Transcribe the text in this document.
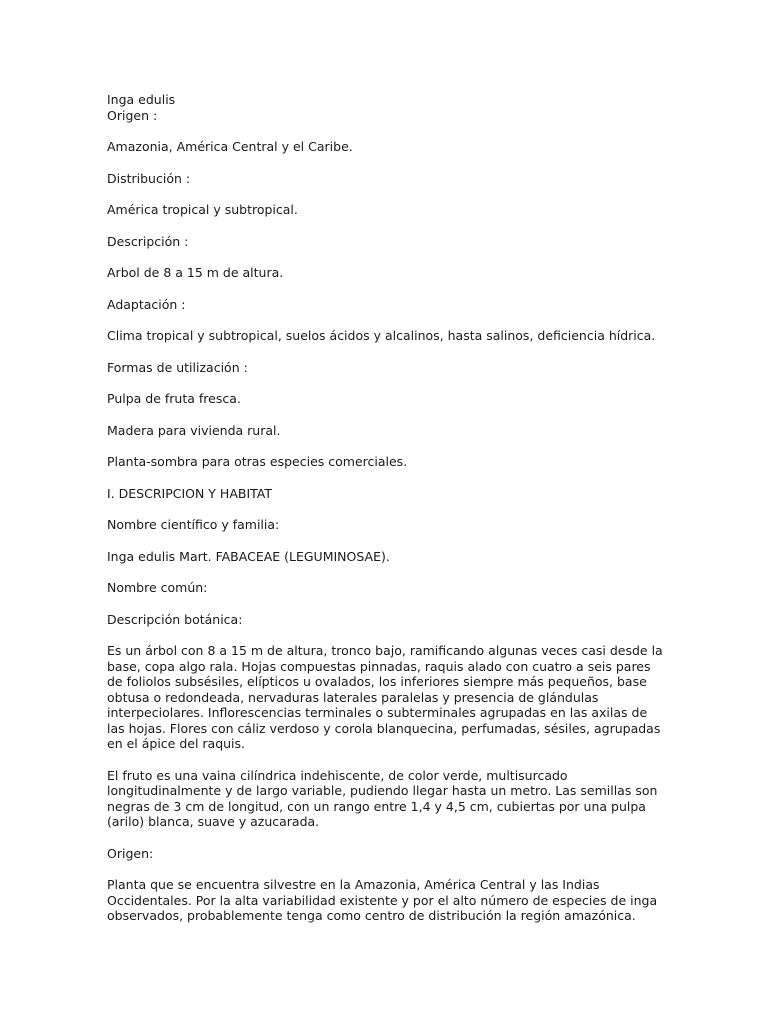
Inga edulis

Origen :

Amazonia, América Central y el Caribe.

Distribución :

América tropical y subtropical.

Descripción :

Arbol de 8 a 15 m de altura.

Adaptación :

Clima tropical y subtropical, suelos ácidos y alcalinos, hasta salinos, deficiencia hídrica.

Formas de utilización :

Pulpa de fruta fresca.

Madera para vivienda rural.

Planta-sombra para otras especies comerciales.

I. DESCRIPCION Y HABITAT

Nombre científico y familia:

Inga edulis Mart. FABACEAE (LEGUMINOSAE).

Nombre común:

Descripción botánica:

Es un árbol con 8 a 15 m de altura, tronco bajo, ramificando algunas veces casi desde la base, copa algo rala. Hojas compuestas pinnadas, raquis alado con cuatro a seis pares de foliolos subsésiles, elípticos u ovalados, los inferiores siempre más pequeños, base obtusa o redondeada, nervaduras laterales paralelas y presencia de glándulas interpeciolares. Inflorescencias terminales o subterminales agrupadas en las axilas de las hojas. Flores con cáliz verdoso y corola blanquecina, perfumadas, sésiles, agrupadas en el ápice del raquis.

El fruto es una vaina cilíndrica indehiscente, de color verde, multisurcado longitudinalmente y de largo variable, pudiendo llegar hasta un metro. Las semillas son negras de 3 cm de longitud, con un rango entre 1,4 y 4,5 cm, cubiertas por una pulpa (arilo) blanca, suave y azucarada.

Origen:

Planta que se encuentra silvestre en la Amazonia, América Central y las Indias Occidentales. Por la alta variabilidad existente y por el alto número de especies de inga observados, probablemente tenga como centro de distribución la región amazónica.
